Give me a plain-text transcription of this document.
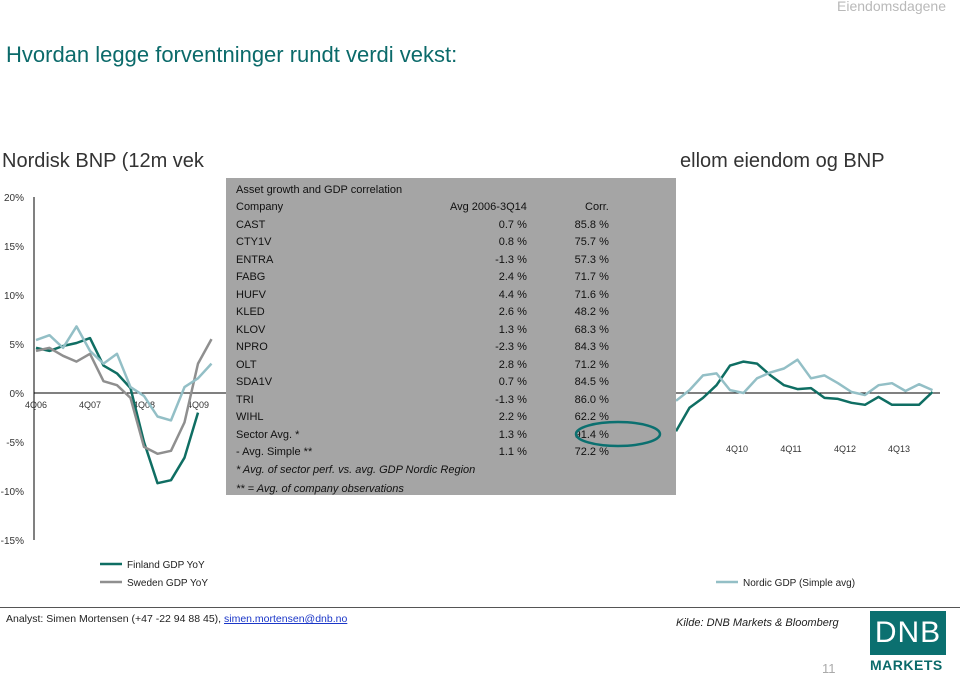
Eiendomsdagene
Hvordan legge forventninger rundt verdi vekst:
Nordisk BNP (12m vek	ellom eiendom og BNP
20%
15%
10%
5%
0%
-5%
-10%
-15%
4Q06	4Q07	4Q08	4Q09
4Q10	4Q11	4Q12	4Q13
Finland GDP YoY
Sweden GDP YoY	Nordic GDP (Simple avg)
Asset growth and GDP correlation		
Company	Avg 2006-3Q14	Corr.
CAST	0.7 %	85.8 %
CTY1V	0.8 %	75.7 %
ENTRA	-1.3 %	57.3 %
FABG	2.4 %	71.7 %
HUFV	4.4 %	71.6 %
KLED	2.6 %	48.2 %
KLOV	1.3 %	68.3 %
NPRO	-2.3 %	84.3 %
OLT	2.8 %	71.2 %
SDA1V	0.7 %	84.5 %
TRI	-1.3 %	86.0 %
WIHL	2.2 %	62.2 %
Sector Avg. *	1.3 %	91.4 %
- Avg. Simple **	1.1 %	72.2 %
* Avg. of sector perf. vs. avg. GDP Nordic Region
** = Avg. of company observations
Analyst: Simen Mortensen (+47 -22 94 88 45), simen.mortensen@dnb.no	Kilde: DNB Markets & Bloomberg
11
DNB
MARKETS
